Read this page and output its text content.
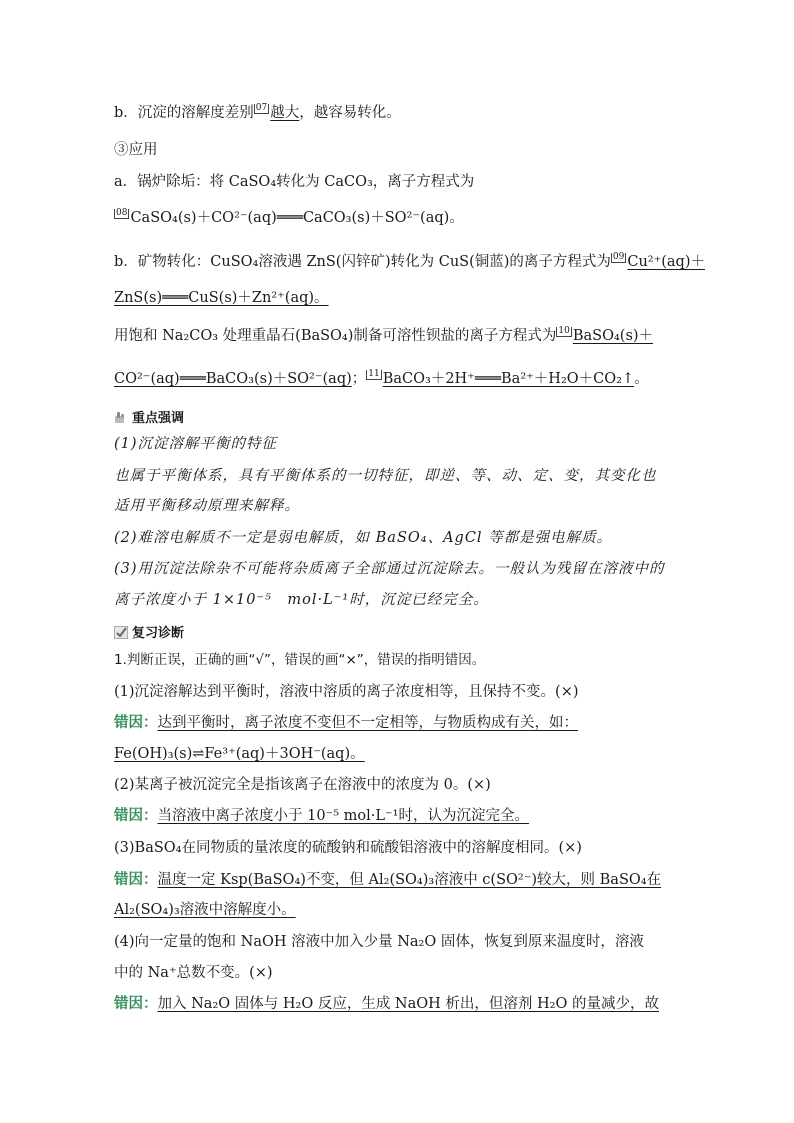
b．沉淀的溶解度差别 07 越大，越容易转化。
③应用
a．锅炉除垢：将 CaSO₄转化为 CaCO₃，离子方程式为
08 CaSO₄(s)＋CO²⁻(aq)═══CaCO₃(s)＋SO²⁻(aq)。
b．矿物转化：CuSO₄溶液遇 ZnS(闪锌矿)转化为 CuS(铜蓝)的离子方程式为 09 Cu²⁺(aq)＋
ZnS(s)═══CuS(s)＋Zn²⁺(aq)。
用饱和 Na₂CO₃ 处理重晶石(BaSO₄)制备可溶性钡盐的离子方程式为 10 BaSO₄(s)＋
CO²⁻(aq)═══BaCO₃(s)＋SO²⁻(aq)； 11 BaCO₃＋2H⁺═══Ba²⁺＋H₂O＋CO₂↑。
重点强调
(1)沉淀溶解平衡的特征
也属于平衡体系，具有平衡体系的一切特征，即逆、等、动、定、变，其变化也
适用平衡移动原理来解释。
(2)难溶电解质不一定是弱电解质，如 BaSO₄、AgCl 等都是强电解质。
(3)用沉淀法除杂不可能将杂质离子全部通过沉淀除去。一般认为残留在溶液中的
离子浓度小于 1×10⁻⁵　mol·L⁻¹时，沉淀已经完全。
复习诊断
1.判断正误，正确的画“√”，错误的画“×”，错误的指明错因。
(1)沉淀溶解达到平衡时，溶液中溶质的离子浓度相等，且保持不变。(×)
错因：达到平衡时，离子浓度不变但不一定相等，与物质构成有关，如：
Fe(OH)₃(s)⇌Fe³⁺(aq)＋3OH⁻(aq)。
(2)某离子被沉淀完全是指该离子在溶液中的浓度为 0。(×)
错因：当溶液中离子浓度小于 10⁻⁵ mol·L⁻¹时，认为沉淀完全。
(3)BaSO₄在同物质的量浓度的硫酸钠和硫酸铝溶液中的溶解度相同。(×)
错因：温度一定 Ksp(BaSO₄)不变，但 Al₂(SO₄)₃溶液中 c(SO²⁻)较大，则 BaSO₄在
Al₂(SO₄)₃溶液中溶解度小。
(4)向一定量的饱和 NaOH 溶液中加入少量 Na₂O 固体，恢复到原来温度时，溶液
中的 Na⁺总数不变。(×)
错因：加入 Na₂O 固体与 H₂O 反应，生成 NaOH 析出，但溶剂 H₂O 的量减少，故
